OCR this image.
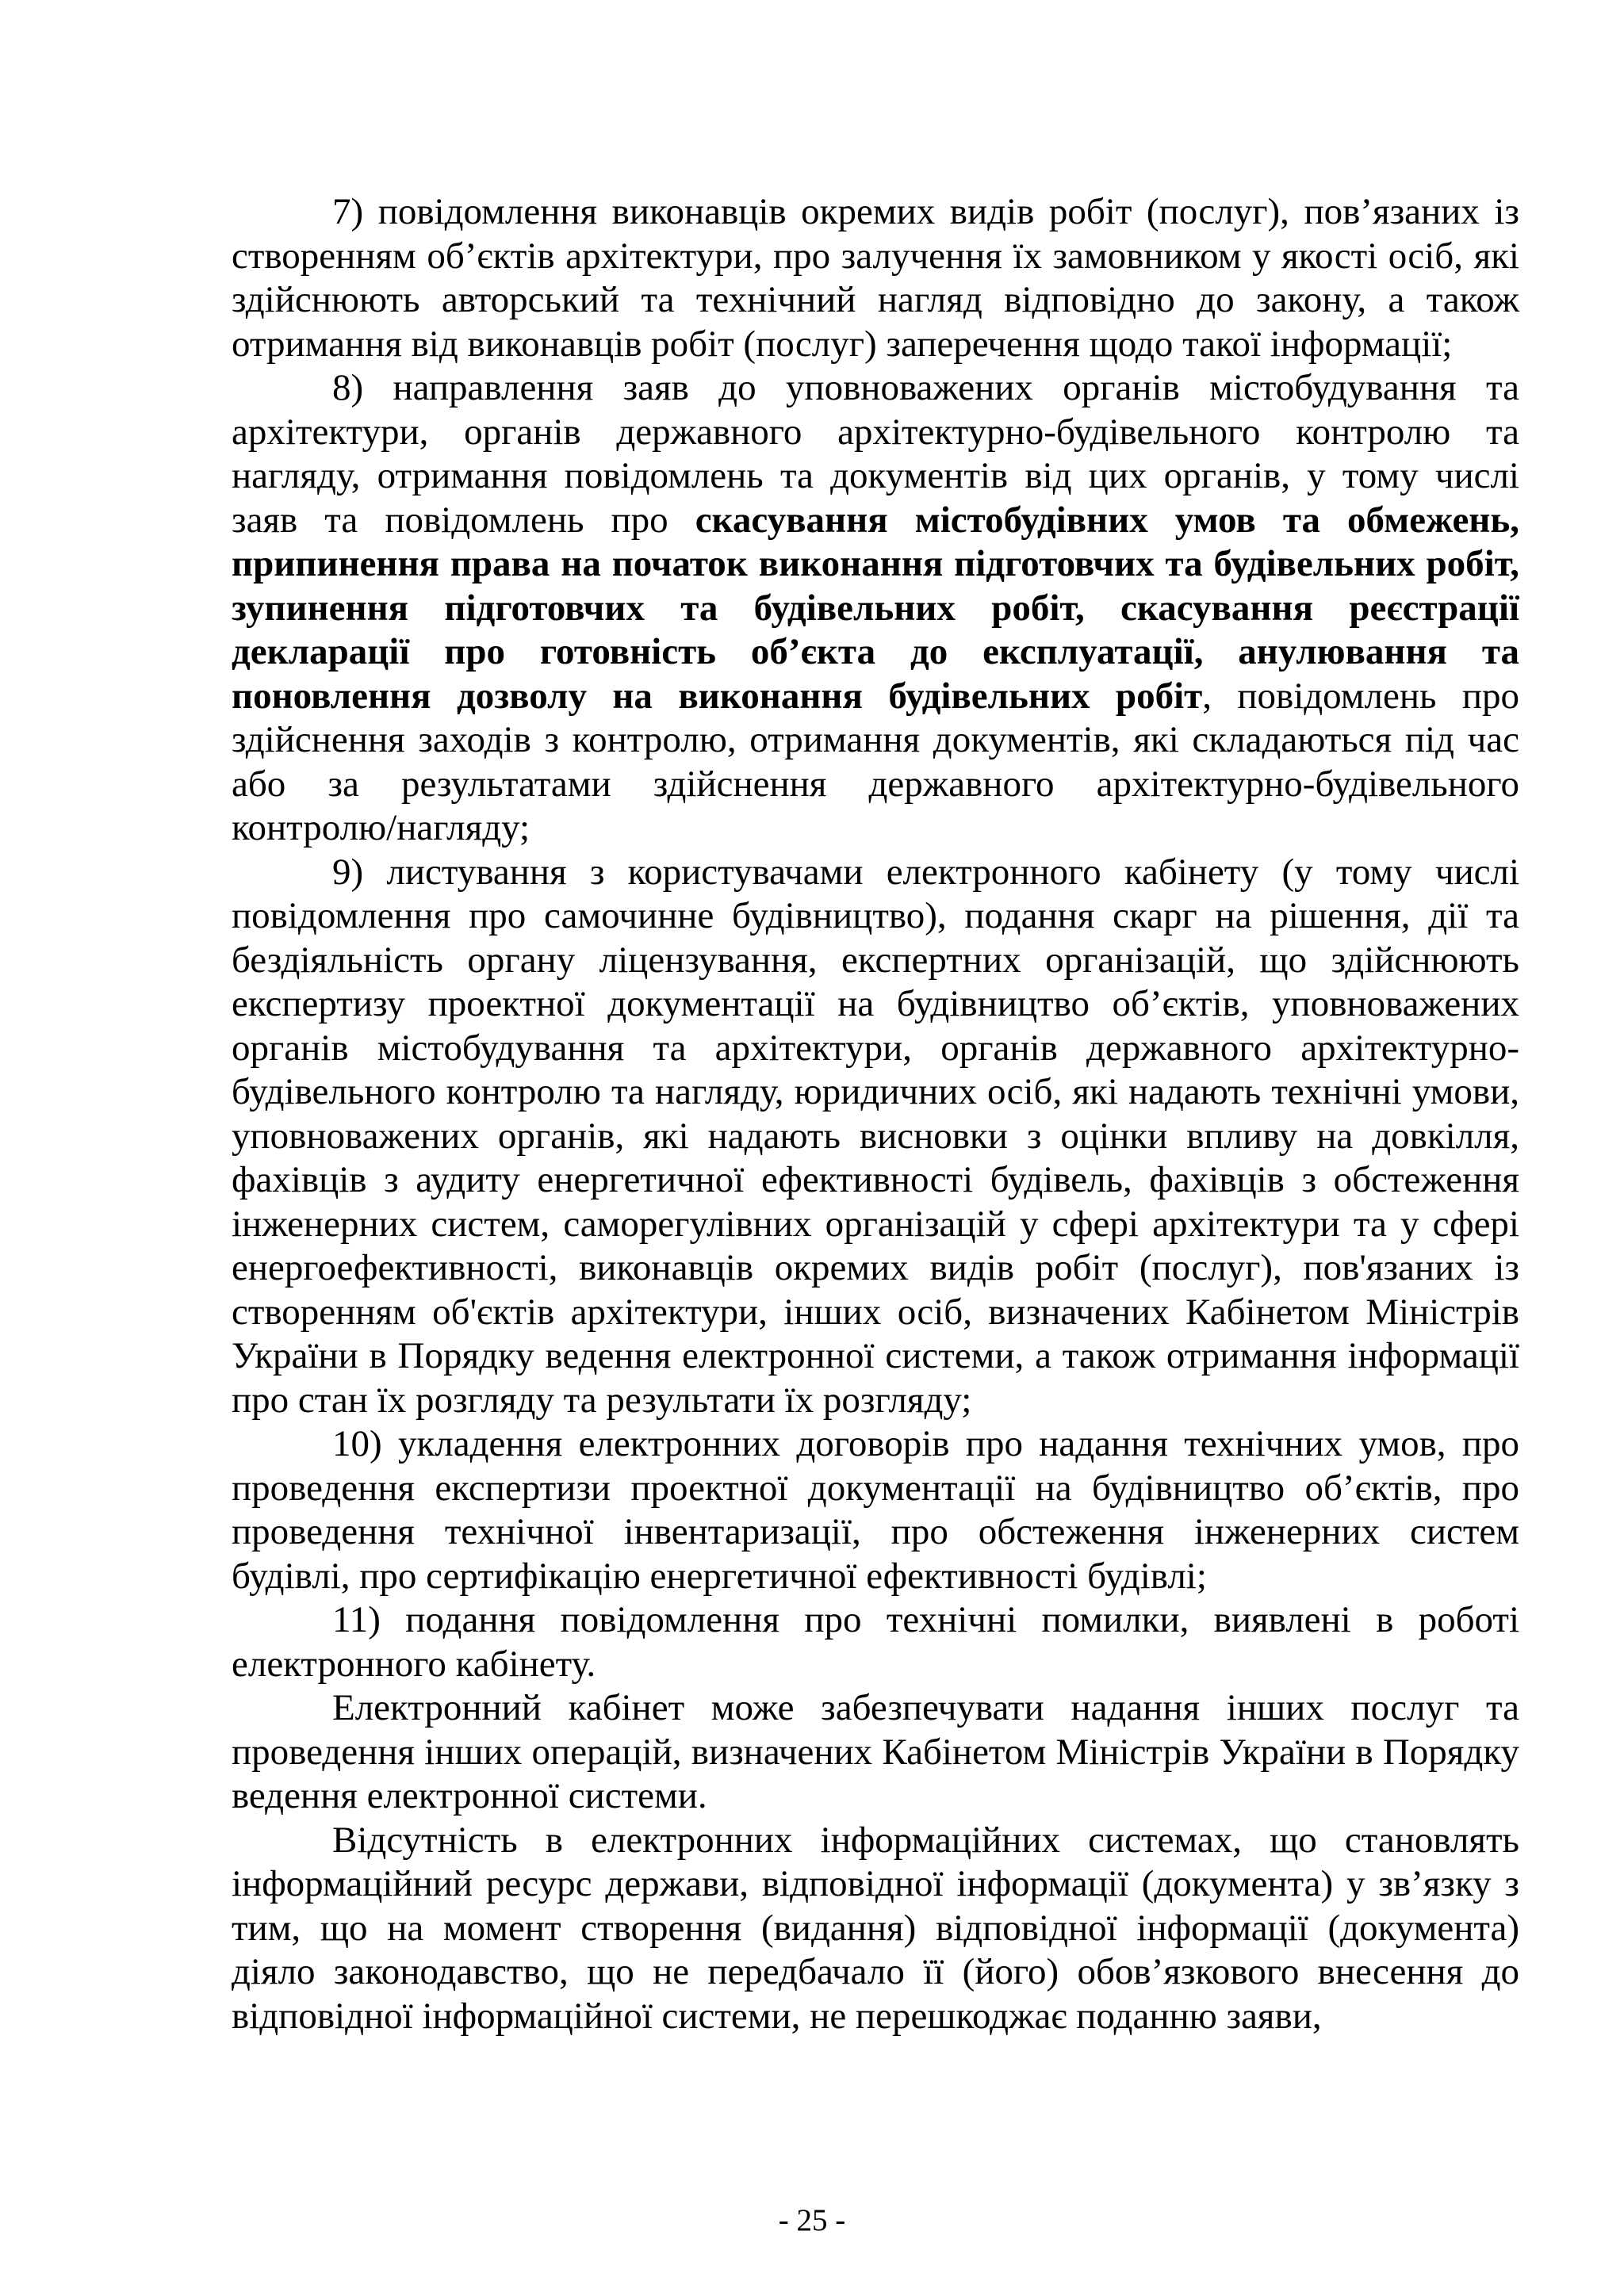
7) повідомлення виконавців окремих видів робіт (послуг), пов’язаних із створенням об’єктів архітектури, про залучення їх замовником у якості осіб, які здійснюють авторський та технічний нагляд відповідно до закону, а також отримання від виконавців робіт (послуг) заперечення щодо такої інформації;

8) направлення заяв до уповноважених органів містобудування та архітектури, органів державного архітектурно-будівельного контролю та нагляду, отримання повідомлень та документів від цих органів, у тому числі заяв та повідомлень про скасування містобудівних умов та обмежень, припинення права на початок виконання підготовчих та будівельних робіт, зупинення підготовчих та будівельних робіт, скасування реєстрації декларації про готовність об’єкта до експлуатації, анулювання та поновлення дозволу на виконання будівельних робіт, повідомлень про здійснення заходів з контролю, отримання документів, які складаються під час або за результатами здійснення державного архітектурно-будівельного контролю/нагляду;

9) листування з користувачами електронного кабінету (у тому числі повідомлення про самочинне будівництво), подання скарг на рішення, дії та бездіяльність органу ліцензування, експертних організацій, що здійснюють експертизу проектної документації на будівництво об’єктів, уповноважених органів містобудування та архітектури, органів державного архітектурно-будівельного контролю та нагляду, юридичних осіб, які надають технічні умови, уповноважених органів, які надають висновки з оцінки впливу на довкілля, фахівців з аудиту енергетичної ефективності будівель, фахівців з обстеження інженерних систем, саморегулівних організацій у сфері архітектури та у сфері енергоефективності, виконавців окремих видів робіт (послуг), пов'язаних із створенням об'єктів архітектури, інших осіб, визначених Кабінетом Міністрів України в Порядку ведення електронної системи, а також отримання інформації про стан їх розгляду та результати їх розгляду;

10) укладення електронних договорів про надання технічних умов, про проведення експертизи проектної документації на будівництво об’єктів, про проведення технічної інвентаризації, про обстеження інженерних систем будівлі, про сертифікацію енергетичної ефективності будівлі;

11) подання повідомлення про технічні помилки, виявлені в роботі електронного кабінету.

Електронний кабінет може забезпечувати надання інших послуг та проведення інших операцій, визначених Кабінетом Міністрів України в Порядку ведення електронної системи.

Відсутність в електронних інформаційних системах, що становлять інформаційний ресурс держави, відповідної інформації (документа) у зв’язку з тим, що на момент створення (видання) відповідної інформації (документа) діяло законодавство, що не передбачало її (його) обов’язкового внесення до відповідної інформаційної системи, не перешкоджає поданню заяви,

- 25 -
